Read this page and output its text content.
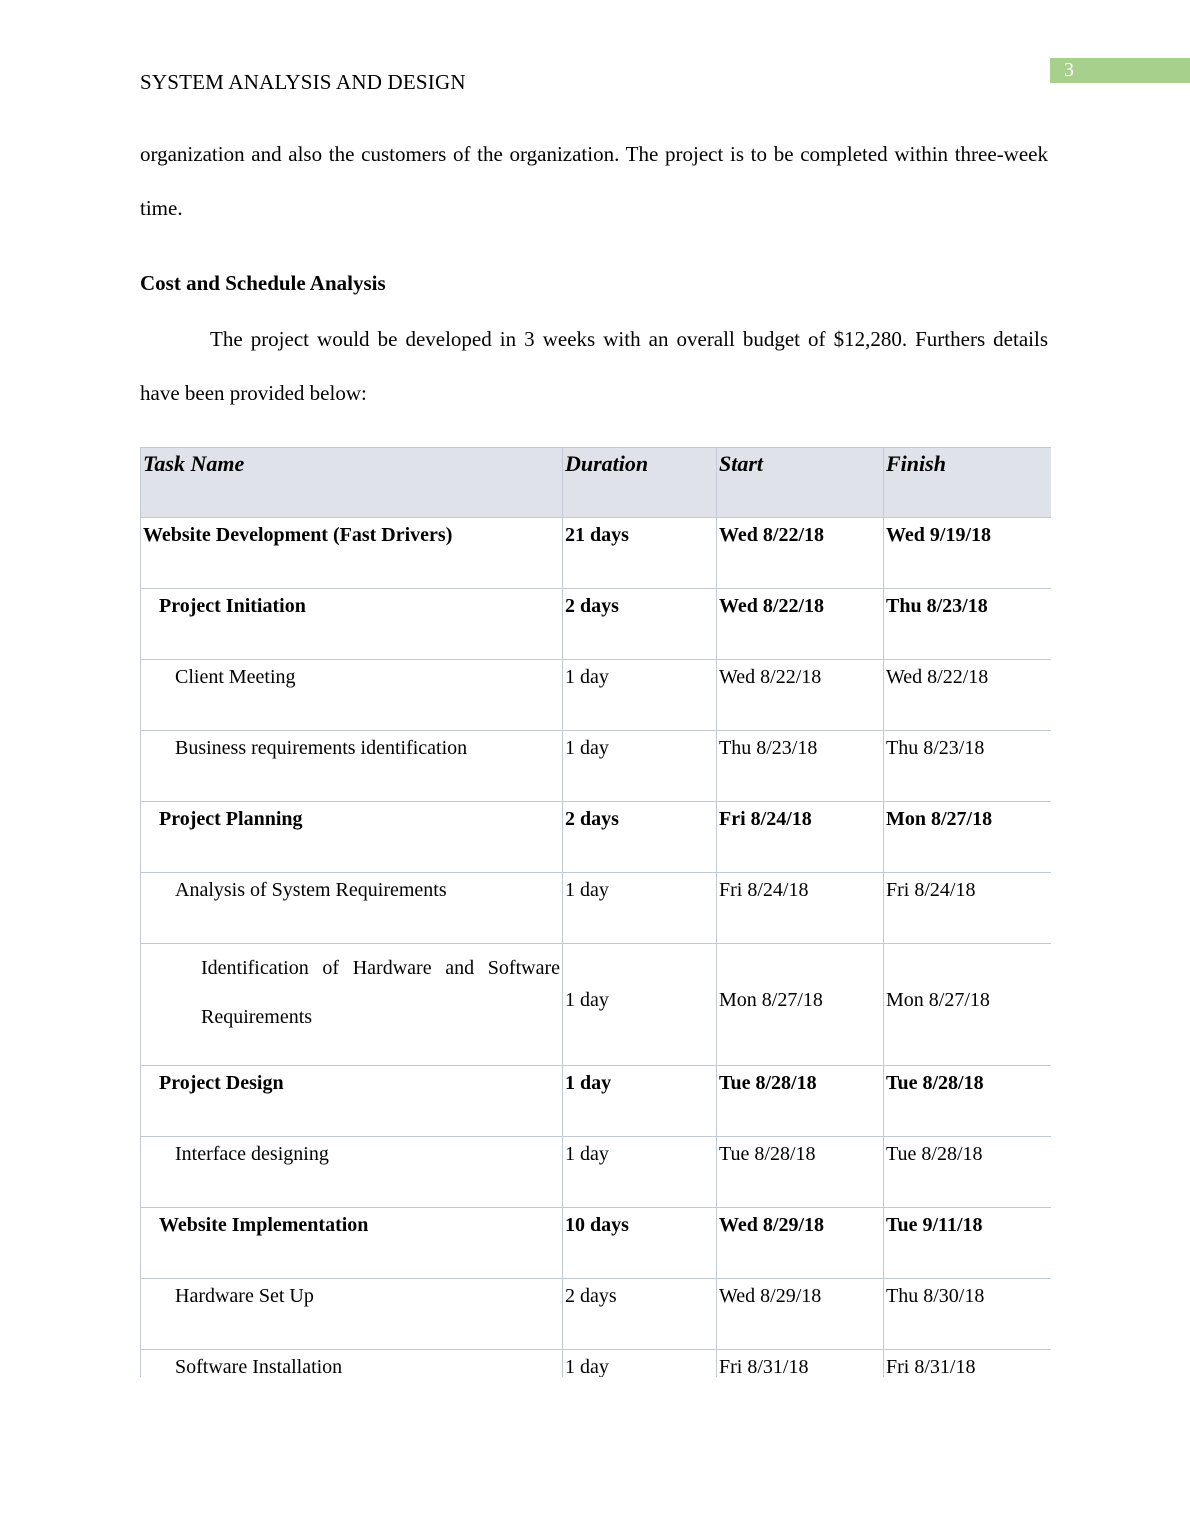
3
SYSTEM ANALYSIS AND DESIGN
organization and also the customers of the organization. The project is to be completed within three-week time.
Cost and Schedule Analysis
The project would be developed in 3 weeks with an overall budget of $12,280. Furthers details have been provided below:
Task Name	Duration	Start	Finish
Website Development (Fast Drivers)	21 days	Wed 8/22/18	Wed 9/19/18
Project Initiation	2 days	Wed 8/22/18	Thu 8/23/18
Client Meeting	1 day	Wed 8/22/18	Wed 8/22/18
Business requirements identification	1 day	Thu 8/23/18	Thu 8/23/18
Project Planning	2 days	Fri 8/24/18	Mon 8/27/18
Analysis of System Requirements	1 day	Fri 8/24/18	Fri 8/24/18

Identification of Hardware and Software Requirements	1 day	Mon 8/27/18	Mon 8/27/18
Project Design	1 day	Tue 8/28/18	Tue 8/28/18
Interface designing	1 day	Tue 8/28/18	Tue 8/28/18
Website Implementation	10 days	Wed 8/29/18	Tue 9/11/18
Hardware Set Up	2 days	Wed 8/29/18	Thu 8/30/18
Software Installation	1 day	Fri 8/31/18	Fri 8/31/18
